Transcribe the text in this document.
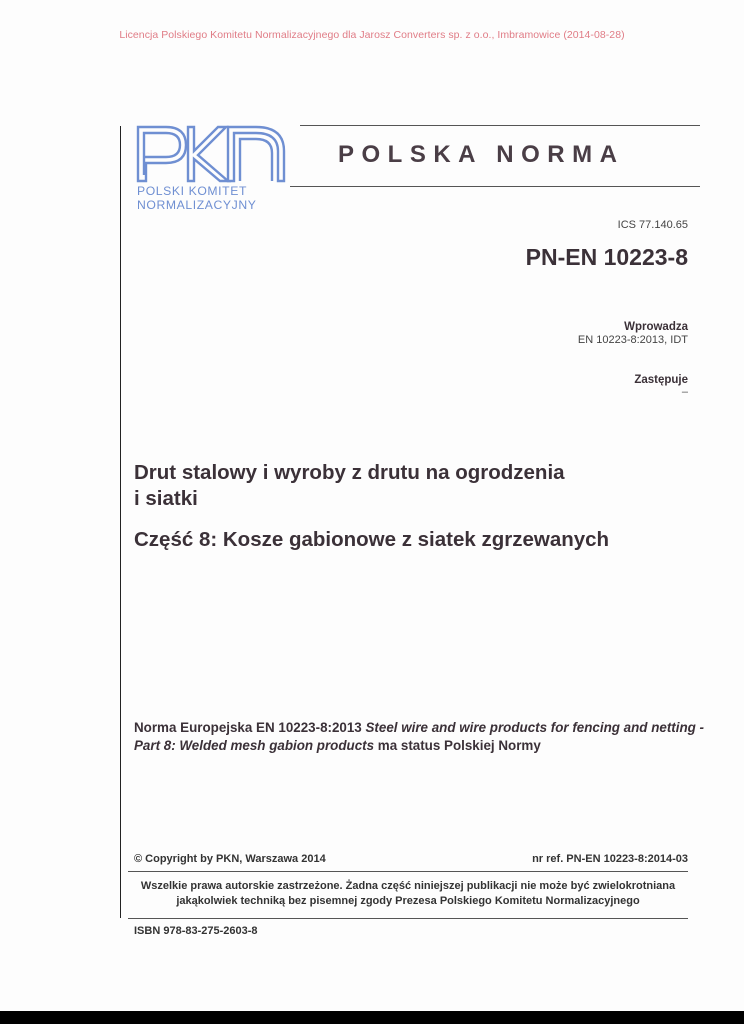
Licencja Polskiego Komitetu Normalizacyjnego dla Jarosz Converters sp. z o.o., Imbramowice (2014-08-28)
POLSKI KOMITET
NORMALIZACYJNY
POLSKA NORMA
ICS 77.140.65
PN-EN 10223-8
Wprowadza
EN 10223-8:2013, IDT
Zastępuje
–
Drut stalowy i wyroby z drutu na ogrodzenia
i siatki
Część 8: Kosze gabionowe z siatek zgrzewanych
Norma Europejska EN 10223-8:2013 Steel wire and wire products for fencing and netting - Part 8: Welded mesh gabion products ma status Polskiej Normy
© Copyright by PKN, Warszawa 2014	nr ref. PN-EN 10223-8:2014-03
Wszelkie prawa autorskie zastrzeżone. Żadna część niniejszej publikacji nie może być zwielokrotniana
jakąkolwiek techniką bez pisemnej zgody Prezesa Polskiego Komitetu Normalizacyjnego
ISBN 978-83-275-2603-8
